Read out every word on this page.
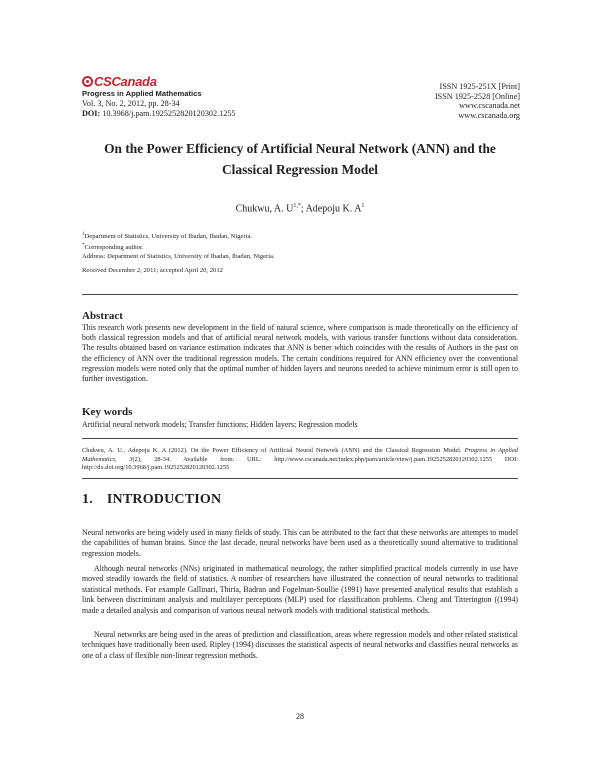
CSCanada
Progress in Applied Mathematics
Vol. 3, No. 2, 2012, pp. 28-34
DOI: 10.3968/j.pam.1925252820120302.1255
ISSN 1925-251X [Print]
ISSN 1925-2528 [Online]
www.cscanada.net
www.cscanada.org
On the Power Efficiency of Artificial Neural Network (ANN) and the
Classical Regression Model
Chukwu, A. $U^{1,*}$; Adepoju K. $A^1$
$^1$Department of Statistics, University of Ibadan, Ibadan, Nigeria.
*Corresponding author.
Address: Department of Statistics, University of Ibadan, Ibadan, Nigeria.
Received December 2, 2011; accepted April 20, 2012
Abstract

This research work presents new development in the field of natural science, where comparison is made theoretically on the efficiency of both classical regression models and that of artificial neural network models, with various transfer functions without data consideration. The results obtained based on variance estimation indicates that ANN is better which coincides with the results of Authors in the past on the efficiency of ANN over the traditional regression models. The certain conditions required for ANN efficiency over the conventional regression models were noted only that the optimal number of hidden layers and neurons needed to achieve minimum error is still open to further investigation.

Key words

Artificial neural network models; Transfer functions; Hidden layers; Regression models

Chukwu, A. U., Adepoju K. A (2012). On the Power Efficiency of Artificial Neural Network (ANN) and the Classical Regression Model. Progress in Applied Mathematics, 3(2), 28-34. Available from: URL: http://www.cscanada.net/index.php/pam/article/view/j.pam.1925252820120302.1255 DOI: http://dx.doi.org/10.3968/j.pam.1925252820120302.1255

1. INTRODUCTION

Neural networks are being widely used in many fields of study. This can be attributed to the fact that these networks are attempts to model the capabilities of human brains. Since the last decade, neural networks have been used as a theoretically sound alternative to traditional regression models.

Although neural networks (NNs) originated in mathematical neurology, the rather simplified practical models currently in use have moved steadily towards the field of statistics. A number of researchers have illustrated the connection of neural networks to traditional statistical methods. For example Gallinari, Thiria, Badran and Fogelman-Soullie (1991) have presented analytical results that establish a link between discriminant analysis and multilayer perceptions (MLP) used for classification problems. Cheng and Titterington ((1994) made a detailed analysis and comparison of various neural network models with traditional statistical methods.

Neural networks are being used in the areas of prediction and classification, areas where regression models and other related statistical techniques have traditionally been used. Ripley (1994) discusses the statistical aspects of neural networks and classifies neural networks as one of a class of flexible non-linear regression methods.

28
